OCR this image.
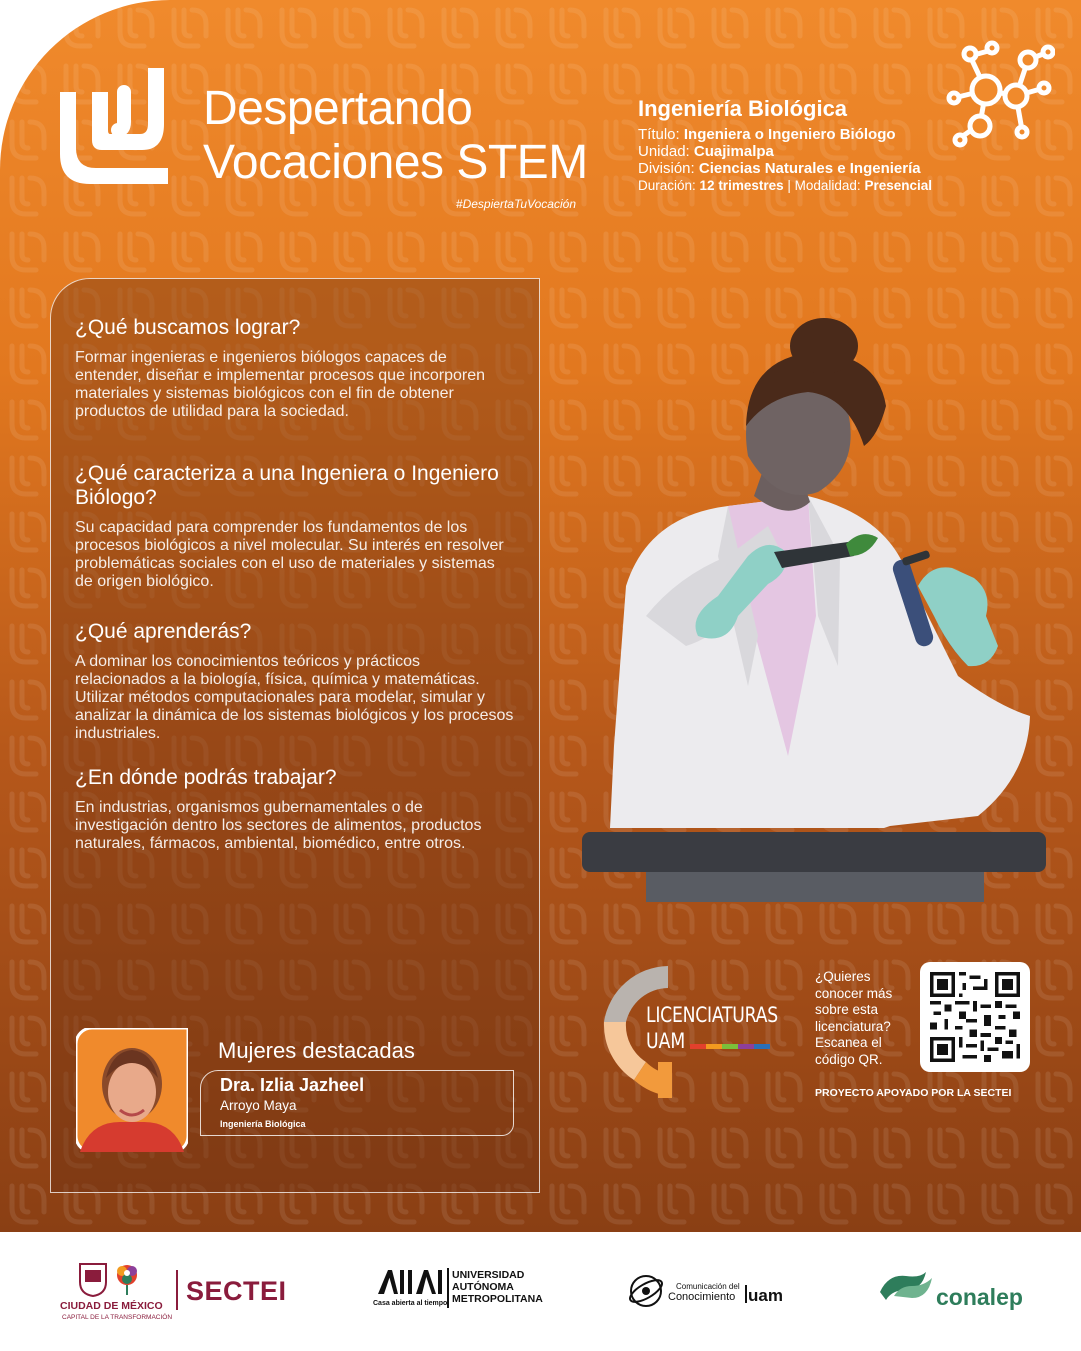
Despertando
Vocaciones STEM
#DespiertaTuVocación
Ingeniería Biológica
Título: Ingeniera o Ingeniero Biólogo
Unidad: Cuajimalpa
División: Ciencias Naturales e Ingeniería
Duración: 12 trimestres | Modalidad: Presencial
¿Qué buscamos lograr?

Formar ingenieras e ingenieros biólogos capaces de entender, diseñar e implementar procesos que incorporen materiales y sistemas biológicos con el fin de obtener productos de utilidad para la sociedad.

¿Qué caracteriza a una Ingeniera o Ingeniero Biólogo?

Su capacidad para comprender los fundamentos de los procesos biológicos a nivel molecular. Su interés en resolver problemáticas sociales con el uso de materiales y sistemas de origen biológico.

¿Qué aprenderás?

A dominar los conocimientos teóricos y prácticos relacionados a la biología, física, química y matemáticas. Utilizar métodos computacionales para modelar, simular y analizar la dinámica de los sistemas biológicos y los procesos industriales.

¿En dónde podrás trabajar?

En industrias, organismos gubernamentales o de investigación dentro los sectores de alimentos, productos naturales, fármacos, ambiental, biomédico, entre otros.

Mujeres destacadas
Dra. Izlia Jazheel
Arroyo Maya
Ingeniería Biológica
LICENCIATURAS
UAM
¿Quieres conocer más sobre esta licenciatura? Escanea el código QR.
PROYECTO APOYADO POR LA SECTEI
CIUDAD DE MÉXICO
CAPITAL DE LA TRANSFORMACIÓN
SECTEI	Casa abierta al tiempo
UNIVERSIDAD
AUTÓNOMA
METROPOLITANA
Comunicación del
Conocimiento uam	conalep
